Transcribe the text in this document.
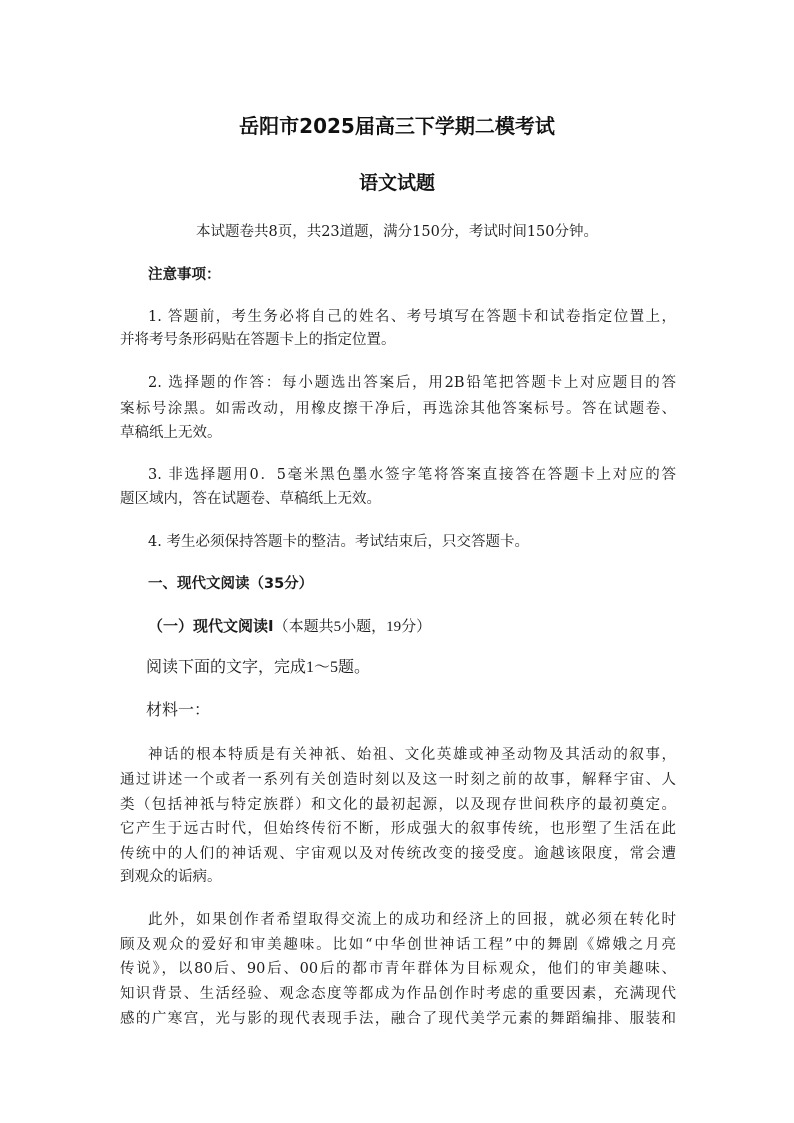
岳阳市2025届高三下学期二模考试
语文试题
本试题卷共8页，共23道题，满分150分，考试时间150分钟。
注意事项：
1. 答题前，考生务必将自己的姓名、考号填写在答题卡和试卷指定位置上，
并将考号条形码贴在答题卡上的指定位置。
2. 选择题的作答：每小题选出答案后，用2B铅笔把答题卡上对应题目的答
案标号涂黑。如需改动，用橡皮擦干净后，再选涂其他答案标号。答在试题卷、
草稿纸上无效。
3. 非选择题用0．5毫米黑色墨水签字笔将答案直接答在答题卡上对应的答
题区域内，答在试题卷、草稿纸上无效。
4. 考生必须保持答题卡的整洁。考试结束后，只交答题卡。
一、现代文阅读（35分）
（一）现代文阅读Ⅰ（本题共5小题，19分）
阅读下面的文字，完成1～5题。
材料一：
神话的根本特质是有关神祇、始祖、文化英雄或神圣动物及其活动的叙事，
通过讲述一个或者一系列有关创造时刻以及这一时刻之前的故事，解释宇宙、人
类（包括神祇与特定族群）和文化的最初起源，以及现存世间秩序的最初奠定。
它产生于远古时代，但始终传衍不断，形成强大的叙事传统，也形塑了生活在此
传统中的人们的神话观、宇宙观以及对传统改变的接受度。逾越该限度，常会遭
到观众的诟病。
此外，如果创作者希望取得交流上的成功和经济上的回报，就必须在转化时
顾及观众的爱好和审美趣味。比如“中华创世神话工程”中的舞剧《嫦娥之月亮
传说》，以80后、90后、00后的都市青年群体为目标观众，他们的审美趣味、
知识背景、生活经验、观念态度等都成为作品创作时考虑的重要因素，充满现代
感的广寒宫，光与影的现代表现手法，融合了现代美学元素的舞蹈编排、服装和
